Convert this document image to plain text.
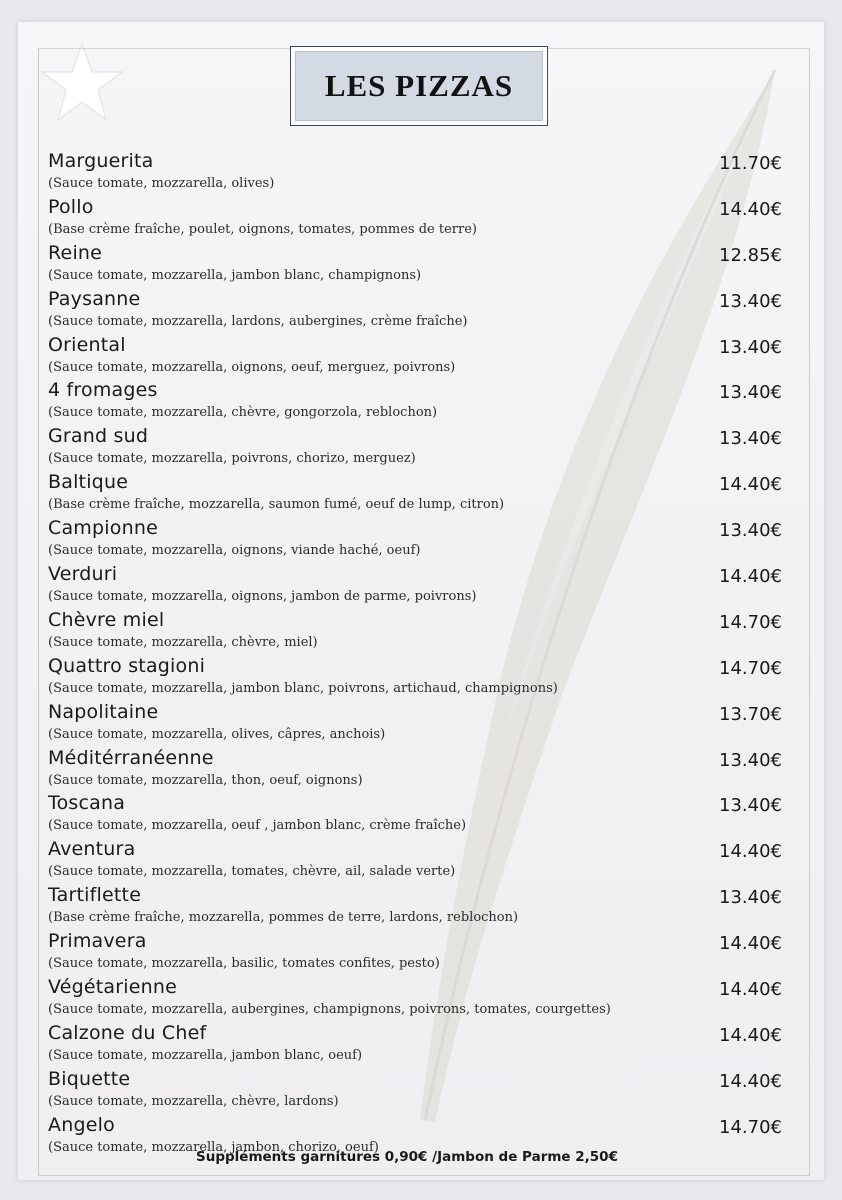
LES PIZZAS
Marguerita	11.70€
(Sauce tomate, mozzarella, olives)
Pollo	14.40€
(Base crème fraîche, poulet, oignons, tomates, pommes de terre)
Reine	12.85€
(Sauce tomate, mozzarella, jambon blanc, champignons)
Paysanne	13.40€
(Sauce tomate, mozzarella, lardons, aubergines, crème fraîche)
Oriental	13.40€
(Sauce tomate, mozzarella, oignons, oeuf, merguez, poivrons)
4 fromages	13.40€
(Sauce tomate, mozzarella, chèvre, gongorzola, reblochon)
Grand sud	13.40€
(Sauce tomate, mozzarella, poivrons, chorizo, merguez)
Baltique	14.40€
(Base crème fraîche, mozzarella, saumon fumé, oeuf de lump, citron)
Campionne	13.40€
(Sauce tomate, mozzarella, oignons, viande haché, oeuf)
Verduri	14.40€
(Sauce tomate, mozzarella, oignons, jambon de parme, poivrons)
Chèvre miel	14.70€
(Sauce tomate, mozzarella, chèvre, miel)
Quattro stagioni	14.70€
(Sauce tomate, mozzarella, jambon blanc, poivrons, artichaud, champignons)
Napolitaine	13.70€
(Sauce tomate, mozzarella, olives, câpres, anchois)
Méditérranéenne	13.40€
(Sauce tomate, mozzarella, thon, oeuf, oignons)
Toscana	13.40€
(Sauce tomate, mozzarella, oeuf , jambon blanc, crème fraîche)
Aventura	14.40€
(Sauce tomate, mozzarella, tomates, chèvre, ail, salade verte)
Tartiflette	13.40€
(Base crème fraîche, mozzarella, pommes de terre, lardons, reblochon)
Primavera	14.40€
(Sauce tomate, mozzarella, basilic, tomates confites, pesto)
Végétarienne	14.40€
(Sauce tomate, mozzarella, aubergines, champignons, poivrons, tomates, courgettes)
Calzone du Chef	14.40€
(Sauce tomate, mozzarella, jambon blanc, oeuf)
Biquette	14.40€
(Sauce tomate, mozzarella, chèvre, lardons)
Angelo	14.70€
(Sauce tomate, mozzarella, jambon, chorizo, oeuf)
Suppléments garnitures 0,90€ /Jambon de Parme 2,50€
